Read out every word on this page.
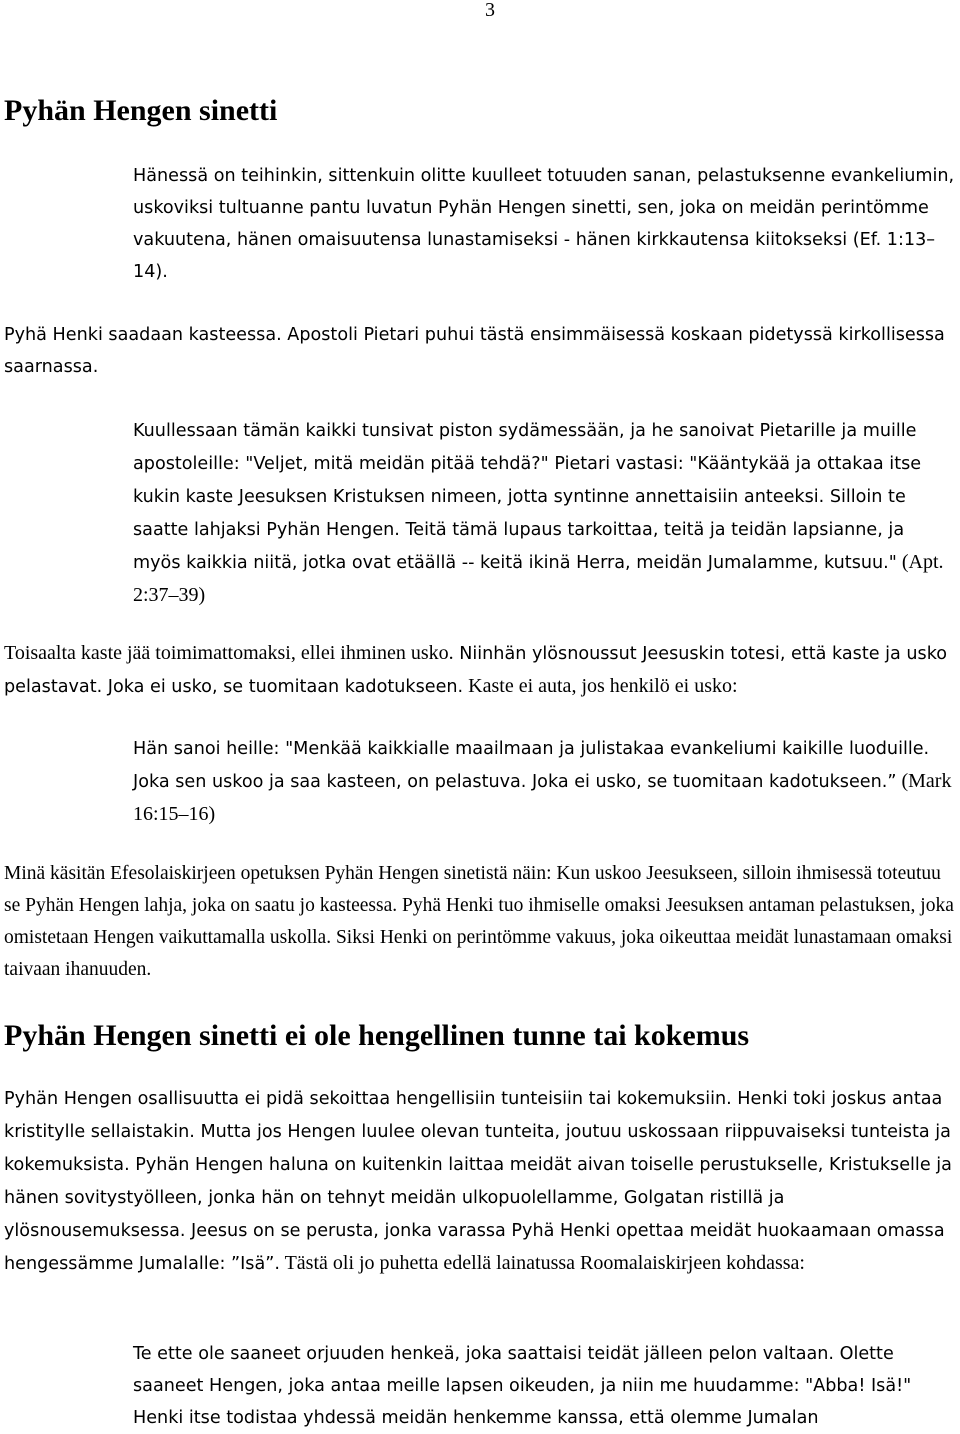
3
Pyhän Hengen sinetti

Hänessä on teihinkin, sittenkuin olitte kuulleet totuuden sanan, pelastuksenne evankeliumin, uskoviksi tultuanne pantu luvatun Pyhän Hengen sinetti, sen, joka on meidän perintömme vakuutena, hänen omaisuutensa lunastamiseksi - hänen kirkkautensa kiitokseksi (Ef. 1:13–14).

Pyhä Henki saadaan kasteessa. Apostoli Pietari puhui tästä ensimmäisessä koskaan pidetyssä kirkollisessa saarnassa.

Kuullessaan tämän kaikki tunsivat piston sydämessään, ja he sanoivat Pietarille ja muille apostoleille: "Veljet, mitä meidän pitää tehdä?" Pietari vastasi: "Kääntykää ja ottakaa itse kukin kaste Jeesuksen Kristuksen nimeen, jotta syntinne annettaisiin anteeksi. Silloin te saatte lahjaksi Pyhän Hengen. Teitä tämä lupaus tarkoittaa, teitä ja teidän lapsianne, ja myös kaikkia niitä, jotka ovat etäällä -- keitä ikinä Herra, meidän Jumalamme, kutsuu." (Apt. 2:37–39)

Toisaalta kaste jää toimimattomaksi, ellei ihminen usko. Niinhän ylösnoussut Jeesuskin totesi, että kaste ja usko pelastavat. Joka ei usko, se tuomitaan kadotukseen. Kaste ei auta, jos henkilö ei usko:

Hän sanoi heille: "Menkää kaikkialle maailmaan ja julistakaa evankeliumi kaikille luoduille. Joka sen uskoo ja saa kasteen, on pelastuva. Joka ei usko, se tuomitaan kadotukseen.” (Mark 16:15–16)

Minä käsitän Efesolaiskirjeen opetuksen Pyhän Hengen sinetistä näin: Kun uskoo Jeesukseen, silloin ihmisessä toteutuu se Pyhän Hengen lahja, joka on saatu jo kasteessa. Pyhä Henki tuo ihmiselle omaksi Jeesuksen antaman pelastuksen, joka omistetaan Hengen vaikuttamalla uskolla. Siksi Henki on perintömme vakuus, joka oikeuttaa meidät lunastamaan omaksi taivaan ihanuuden.

Pyhän Hengen sinetti ei ole hengellinen tunne tai kokemus

Pyhän Hengen osallisuutta ei pidä sekoittaa hengellisiin tunteisiin tai kokemuksiin. Henki toki joskus antaa kristitylle sellaistakin. Mutta jos Hengen luulee olevan tunteita, joutuu uskossaan riippuvaiseksi tunteista ja kokemuksista. Pyhän Hengen haluna on kuitenkin laittaa meidät aivan toiselle perustukselle, Kristukselle ja hänen sovitystyölleen, jonka hän on tehnyt meidän ulkopuolellamme, Golgatan ristillä ja ylösnousemuksessa. Jeesus on se perusta, jonka varassa Pyhä Henki opettaa meidät huokaamaan omassa hengessämme Jumalalle: ”Isä”. Tästä oli jo puhetta edellä lainatussa Roomalaiskirjeen kohdassa:

Te ette ole saaneet orjuuden henkeä, joka saattaisi teidät jälleen pelon valtaan. Olette saaneet Hengen, joka antaa meille lapsen oikeuden, ja niin me huudamme: "Abba! Isä!" Henki itse todistaa yhdessä meidän henkemme kanssa, että olemme Jumalan
